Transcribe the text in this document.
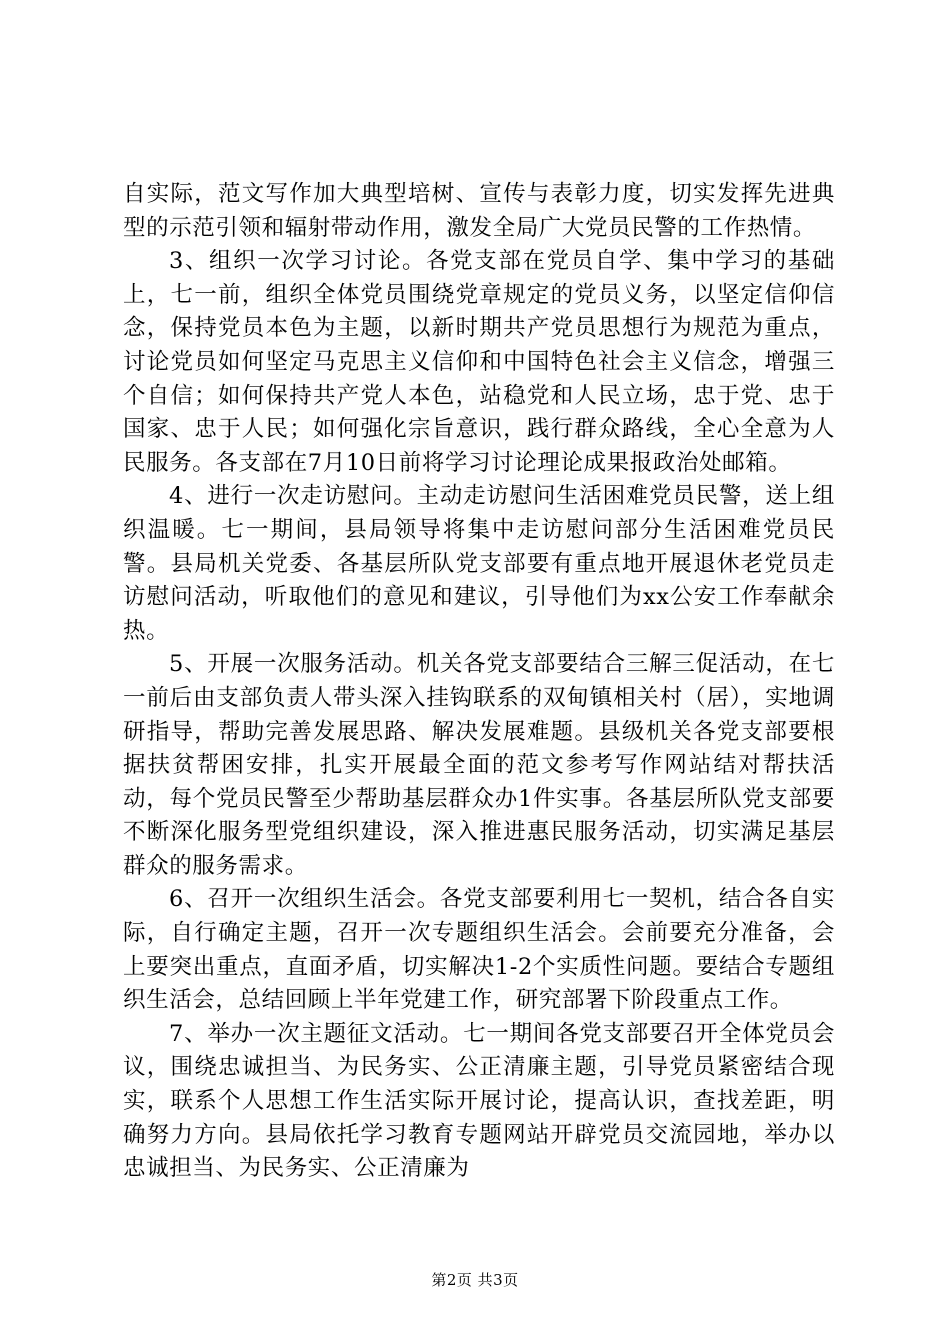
自实际，范文写作加大典型培树、宣传与表彰力度，切实发挥先进典型的示范引领和辐射带动作用，激发全局广大党员民警的工作热情。

3、组织一次学习讨论。各党支部在党员自学、集中学习的基础上，七一前，组织全体党员围绕党章规定的党员义务，以坚定信仰信念，保持党员本色为主题，以新时期共产党员思想行为规范为重点，讨论党员如何坚定马克思主义信仰和中国特色社会主义信念，增强三个自信；如何保持共产党人本色，站稳党和人民立场，忠于党、忠于国家、忠于人民；如何强化宗旨意识，践行群众路线，全心全意为人民服务。各支部在7月10日前将学习讨论理论成果报政治处邮箱。

4、进行一次走访慰问。主动走访慰问生活困难党员民警，送上组织温暖。七一期间，县局领导将集中走访慰问部分生活困难党员民警。县局机关党委、各基层所队党支部要有重点地开展退休老党员走访慰问活动，听取他们的意见和建议，引导他们为xx公安工作奉献余热。

5、开展一次服务活动。机关各党支部要结合三解三促活动，在七一前后由支部负责人带头深入挂钩联系的双甸镇相关村（居），实地调研指导，帮助完善发展思路、解决发展难题。县级机关各党支部要根据扶贫帮困安排，扎实开展最全面的范文参考写作网站结对帮扶活动，每个党员民警至少帮助基层群众办1件实事。各基层所队党支部要不断深化服务型党组织建设，深入推进惠民服务活动，切实满足基层群众的服务需求。

6、召开一次组织生活会。各党支部要利用七一契机，结合各自实际，自行确定主题，召开一次专题组织生活会。会前要充分准备，会上要突出重点，直面矛盾，切实解决1-2个实质性问题。要结合专题组织生活会，总结回顾上半年党建工作，研究部署下阶段重点工作。

7、举办一次主题征文活动。七一期间各党支部要召开全体党员会议，围绕忠诚担当、为民务实、公正清廉主题，引导党员紧密结合现实，联系个人思想工作生活实际开展讨论，提高认识，查找差距，明确努力方向。县局依托学习教育专题网站开辟党员交流园地，举办以忠诚担当、为民务实、公正清廉为

第2页 共3页
